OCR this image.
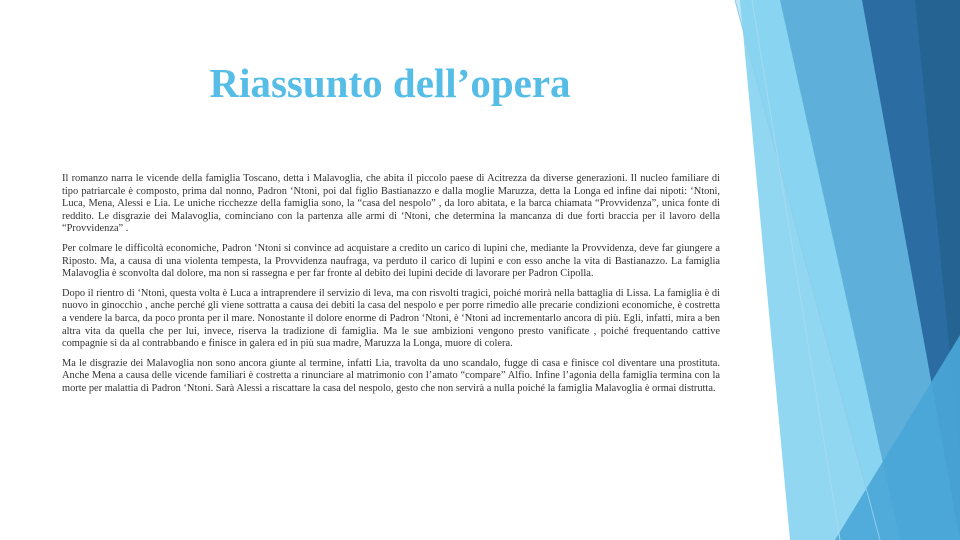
Riassunto dell’opera

Il romanzo narra le vicende della famiglia Toscano, detta i Malavoglia, che abita il piccolo paese di Acitrezza da diverse generazioni. Il nucleo familiare di tipo patriarcale è composto, prima dal nonno, Padron ‘Ntoni, poi dal figlio Bastianazzo e dalla moglie Maruzza, detta la Longa ed infine dai nipoti: ‘Ntoni, Luca, Mena, Alessi e Lia. Le uniche ricchezze della famiglia sono, la “casa del nespolo” , da loro abitata, e la barca chiamata “Provvidenza”, unica fonte di reddito. Le disgrazie dei Malavoglia, cominciano con la partenza alle armi di ‘Ntoni, che determina la mancanza di due forti braccia per il lavoro della “Provvidenza” .

Per colmare le difficoltà economiche, Padron ‘Ntoni si convince ad acquistare a credito un carico di lupini che, mediante la Provvidenza, deve far giungere a Riposto. Ma, a causa di una violenta tempesta, la Provvidenza naufraga, va perduto il carico di lupini e con esso anche la vita di Bastianazzo. La famiglia Malavoglia è sconvolta dal dolore, ma non si rassegna e per far fronte al debito dei lupini decide di lavorare per Padron Cipolla.

Dopo il rientro di ‘Ntoni, questa volta è Luca a intraprendere il servizio di leva, ma con risvolti tragici, poiché morirà nella battaglia di Lissa. La famiglia è di nuovo in ginocchio , anche perché gli viene sottratta a causa dei debiti la casa del nespolo e per porre rimedio alle precarie condizioni economiche, è costretta a vendere la barca, da poco pronta per il mare. Nonostante il dolore enorme di Padron ‘Ntoni, è ‘Ntoni ad incrementarlo ancora di più. Egli, infatti, mira a ben altra vita da quella che per lui, invece, riserva la tradizione di famiglia. Ma le sue ambizioni vengono presto vanificate , poiché frequentando cattive compagnie si da al contrabbando e finisce in galera ed in più sua madre, Maruzza la Longa, muore di colera.

Ma le disgrazie dei Malavoglia non sono ancora giunte al termine, infatti Lia, travolta da uno scandalo, fugge di casa e finisce col diventare una prostituta. Anche Mena a causa delle vicende familiari è costretta a rinunciare al matrimonio con l’amato “compare” Alfio. Infine l’agonia della famiglia termina con la morte per malattia di Padron ‘Ntoni. Sarà Alessi a riscattare la casa del nespolo, gesto che non servirà a nulla poiché la famiglia Malavoglia è ormai distrutta.
